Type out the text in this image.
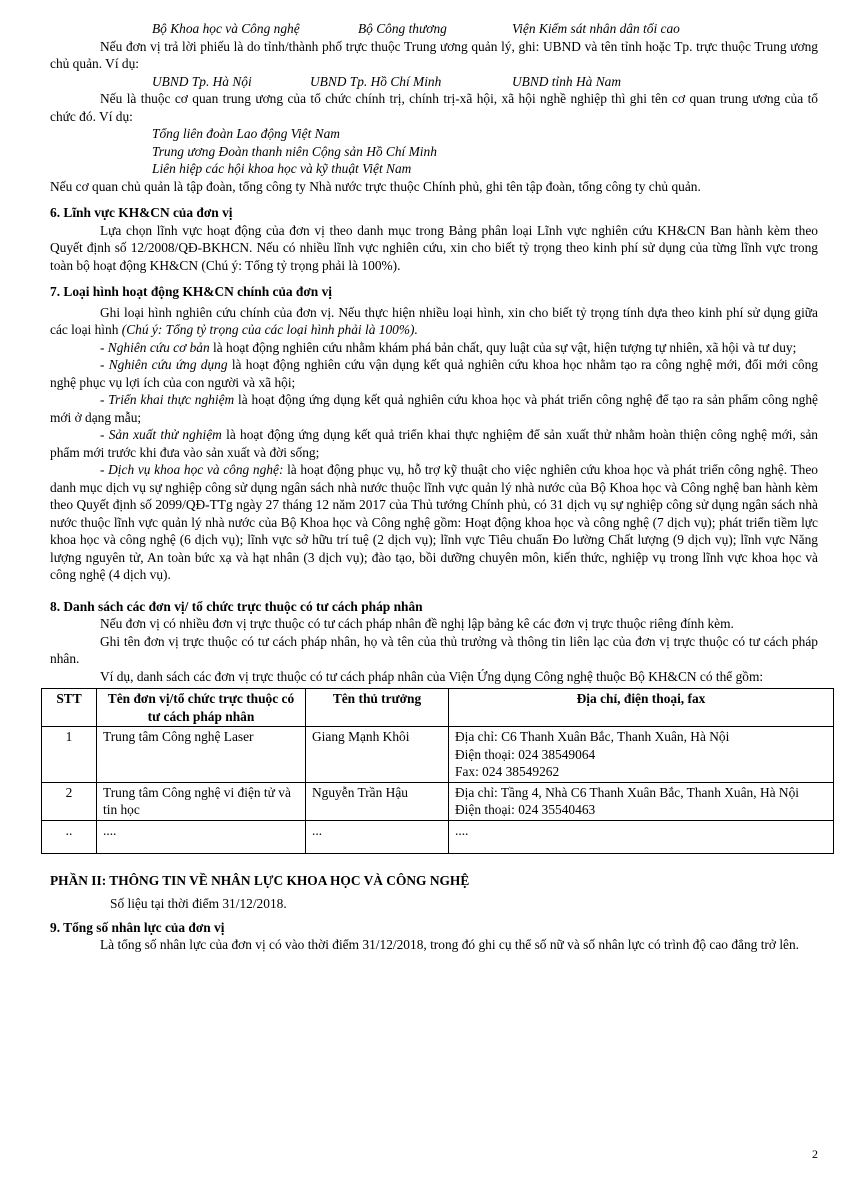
Bộ Khoa học và Công nghệ	Bộ Công thương	Viện Kiểm sát nhân dân tối cao

Nếu đơn vị trả lời phiếu là do tỉnh/thành phố trực thuộc Trung ương quản lý, ghi: UBND và tên tỉnh hoặc Tp. trực thuộc Trung ương chủ quản. Ví dụ:

UBND Tp. Hà Nội	UBND Tp. Hồ Chí Minh	UBND tỉnh Hà Nam

Nếu là thuộc cơ quan trung ương của tổ chức chính trị, chính trị-xã hội, xã hội nghề nghiệp thì ghi tên cơ quan trung ương của tổ chức đó. Ví dụ:

Tổng liên đoàn Lao động Việt Nam
Trung ương Đoàn thanh niên Cộng sản Hồ Chí Minh
Liên hiệp các hội khoa học và kỹ thuật Việt Nam

Nếu cơ quan chủ quản là tập đoàn, tổng công ty Nhà nước trực thuộc Chính phủ, ghi tên tập đoàn, tổng công ty chủ quản.

6. Lĩnh vực KH&CN của đơn vị

Lựa chọn lĩnh vực hoạt động của đơn vị theo danh mục trong Bảng phân loại Lĩnh vực nghiên cứu KH&CN Ban hành kèm theo Quyết định số 12/2008/QĐ-BKHCN. Nếu có nhiều lĩnh vực nghiên cứu, xin cho biết tỷ trọng theo kinh phí sử dụng của từng lĩnh vực trong toàn bộ hoạt động KH&CN (Chú ý: Tổng tỷ trọng phải là 100%).

7. Loại hình hoạt động KH&CN chính của đơn vị

Ghi loại hình nghiên cứu chính của đơn vị. Nếu thực hiện nhiều loại hình, xin cho biết tỷ trọng tính dựa theo kinh phí sử dụng giữa các loại hình (Chú ý: Tổng tỷ trọng của các loại hình phải là 100%).

- Nghiên cứu cơ bản là hoạt động nghiên cứu nhằm khám phá bản chất, quy luật của sự vật, hiện tượng tự nhiên, xã hội và tư duy;

- Nghiên cứu ứng dụng là hoạt động nghiên cứu vận dụng kết quả nghiên cứu khoa học nhằm tạo ra công nghệ mới, đổi mới công nghệ phục vụ lợi ích của con người và xã hội;

- Triển khai thực nghiệm là hoạt động ứng dụng kết quả nghiên cứu khoa học và phát triển công nghệ để tạo ra sản phẩm công nghệ mới ở dạng mẫu;

- Sản xuất thử nghiệm là hoạt động ứng dụng kết quả triển khai thực nghiệm để sản xuất thử nhằm hoàn thiện công nghệ mới, sản phẩm mới trước khi đưa vào sản xuất và đời sống;

- Dịch vụ khoa học và công nghệ: là hoạt động phục vụ, hỗ trợ kỹ thuật cho việc nghiên cứu khoa học và phát triển công nghệ. Theo danh mục dịch vụ sự nghiệp công sử dụng ngân sách nhà nước thuộc lĩnh vực quản lý nhà nước của Bộ Khoa học và Công nghệ ban hành kèm theo Quyết định số 2099/QĐ-TTg ngày 27 tháng 12 năm 2017 của Thủ tướng Chính phủ, có 31 dịch vụ sự nghiệp công sử dụng ngân sách nhà nước thuộc lĩnh vực quản lý nhà nước của Bộ Khoa học và Công nghệ gồm: Hoạt động khoa học và công nghệ (7 dịch vụ); phát triển tiềm lực khoa học và công nghệ (6 dịch vụ); lĩnh vực sở hữu trí tuệ (2 dịch vụ); lĩnh vực Tiêu chuẩn Đo lường Chất lượng (9 dịch vụ); lĩnh vực Năng lượng nguyên tử, An toàn bức xạ và hạt nhân (3 dịch vụ); đào tạo, bồi dưỡng chuyên môn, kiến thức, nghiệp vụ trong lĩnh vực khoa học và công nghệ (4 dịch vụ).

8. Danh sách các đơn vị/ tổ chức trực thuộc có tư cách pháp nhân

Nếu đơn vị có nhiều đơn vị trực thuộc có tư cách pháp nhân đề nghị lập bảng kê các đơn vị trực thuộc riêng đính kèm.

Ghi tên đơn vị trực thuộc có tư cách pháp nhân, họ và tên của thủ trưởng và thông tin liên lạc của đơn vị trực thuộc có tư cách pháp nhân.

Ví dụ, danh sách các đơn vị trực thuộc có tư cách pháp nhân của Viện Ứng dụng Công nghệ thuộc Bộ KH&CN có thể gồm:

STT	Tên đơn vị/tổ chức trực thuộc có tư cách pháp nhân	Tên thủ trưởng	Địa chỉ, điện thoại, fax
1	Trung tâm Công nghệ Laser	Giang Mạnh Khôi	Địa chỉ: C6 Thanh Xuân Bắc, Thanh Xuân, Hà Nội
Điện thoại: 024 38549064
Fax: 024 38549262

2	Trung tâm Công nghệ vi điện tử và tin học	Nguyễn Trần Hậu	Địa chỉ: Tầng 4, Nhà C6 Thanh Xuân Bắc, Thanh Xuân, Hà Nội
Điện thoại: 024 35540463

..	....	...	....
PHẦN II: THÔNG TIN VỀ NHÂN LỰC KHOA HỌC VÀ CÔNG NGHỆ

Số liệu tại thời điểm 31/12/2018.

9. Tổng số nhân lực của đơn vị

Là tổng số nhân lực của đơn vị có vào thời điểm 31/12/2018, trong đó ghi cụ thể số nữ và số nhân lực có trình độ cao đẳng trở lên.

2
